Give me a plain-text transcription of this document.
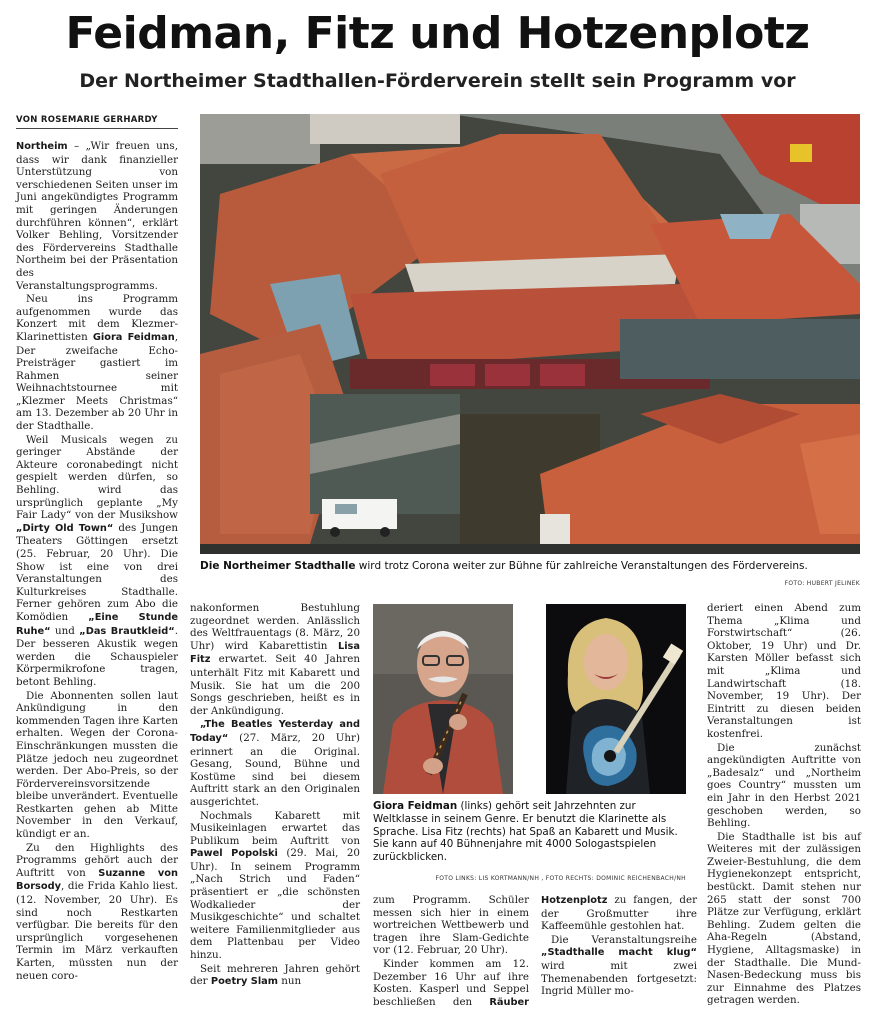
Feidman, Fitz und Hotzenplotz
Der Northeimer Stadthallen-Förderverein stellt sein Programm vor
VON ROSEMARIE GERHARDY

Die Northeimer Stadthalle wird trotz Corona weiter zur Bühne für zahlreiche Veranstaltungen des Fördervereins.

FOTO: HUBERT JELINEK

Giora Feidman (links) gehört seit Jahrzehnten zur Weltklasse in seinem Genre. Er benutzt die Klarinette als Sprache. Lisa Fitz (rechts) hat Spaß an Kabarett und Musik. Sie kann auf 40 Bühnenjahre mit 4000 Sologastspielen zurückblicken.

FOTO LINKS: LIS KORTMANN/NH , FOTO RECHTS: DOMINIC REICHENBACH/NH

Northeim – „Wir freuen uns, dass wir dank finanzieller Unterstützung von verschiedenen Seiten unser im Juni angekündigtes Programm mit geringen Änderungen durchführen können“, erklärt Volker Behling, Vorsitzender des Fördervereins Stadthalle Northeim bei der Präsentation des Veranstaltungsprogramms.

Neu ins Programm aufgenommen wurde das Konzert mit dem Klezmer-Klarinettisten Giora Feidman, Der zweifache Echo-Preisträger gastiert im Rahmen seiner Weihnachtstournee mit „Klezmer Meets Christmas“ am 13. Dezember ab 20 Uhr in der Stadthalle.

Weil Musicals wegen zu geringer Abstände der Akteure coronabedingt nicht gespielt werden dürfen, so Behling. wird das ursprünglich geplante „My Fair Lady“ von der Musikshow „Dirty Old Town“ des Jungen Theaters Göttingen ersetzt (25. Februar, 20 Uhr). Die Show ist eine von drei Veranstaltungen des Kulturkreises Stadthalle. Ferner gehören zum Abo die Komödien „Eine Stunde Ruhe“ und „Das Brautkleid“. Der besseren Akustik wegen werden die Schauspieler Körpermikrofone tragen, betont Behling.

Die Abonnenten sollen laut Ankündigung in den kommenden Tagen ihre Karten erhalten. Wegen der Corona-Einschränkungen mussten die Plätze jedoch neu zugeordnet werden. Der Abo-Preis, so der Fördervereinsvorsitzende bleibe unverändert. Eventuelle Restkarten gehen ab Mitte November in den Verkauf, kündigt er an.

Zu den Highlights des Programms gehört auch der Auftritt von Suzanne von Borsody, die Frida Kahlo liest. (12. November, 20 Uhr). Es sind noch Restkarten verfügbar. Die bereits für den ursprünglich vorgesehenen Termin im März verkauften Karten, müssten nun der neuen coro-

nakonformen Bestuhlung zugeordnet werden. Anlässlich des Weltfrauentags (8. März, 20 Uhr) wird Kabarettistin Lisa Fitz erwartet. Seit 40 Jahren unterhält Fitz mit Kabarett und Musik. Sie hat um die 200 Songs geschrieben, heißt es in der Ankündigung.

„The Beatles Yesterday and Today“ (27. März, 20 Uhr) erinnert an die Original. Gesang, Sound, Bühne und Kostüme sind bei diesem Auftritt stark an den Originalen ausgerichtet.

Nochmals Kabarett mit Musikeinlagen erwartet das Publikum beim Auftritt von Pawel Popolski (29. Mai, 20 Uhr). In seinem Programm „Nach Strich und Faden“ präsentiert er „die schönsten Wodkalieder der Musikgeschichte“ und schaltet weitere Familienmitglieder aus dem Plattenbau per Video hinzu.

Seit mehreren Jahren gehört der Poetry Slam nun

zum Programm. Schüler messen sich hier in einem wortreichen Wettbewerb und tragen ihre Slam-Gedichte vor (12. Februar, 20 Uhr).

Kinder kommen am 12. Dezember 16 Uhr auf ihre Kosten. Kasperl und Seppel beschließen den Räuber Hotzenplotz zu fangen, der der Großmutter ihre Kaffeemühle gestohlen hat.

Die Veranstaltungsreihe „Stadthalle macht klug“ wird mit zwei Themenabenden fortgesetzt: Ingrid Müller mo-

deriert einen Abend zum Thema „Klima und Forstwirtschaft“ (26. Oktober, 19 Uhr) und Dr. Karsten Möller befasst sich mit „Klima und Landwirtschaft (18. November, 19 Uhr). Der Eintritt zu diesen beiden Veranstaltungen ist kostenfrei.

Die zunächst angekündigten Auftritte von „Badesalz“ und „Northeim goes Country“ mussten um ein Jahr in den Herbst 2021 geschoben werden, so Behling.

Die Stadthalle ist bis auf Weiteres mit der zulässigen Zweier-Bestuhlung, die dem Hygienekonzept entspricht, bestückt. Damit stehen nur 265 statt der sonst 700 Plätze zur Verfügung, erklärt Behling. Zudem gelten die Aha-Regeln (Abstand, Hygiene, Alltagsmaske) in der Stadthalle. Die Mund-Nasen-Bedeckung muss bis zur Einnahme des Platzes getragen werden.
